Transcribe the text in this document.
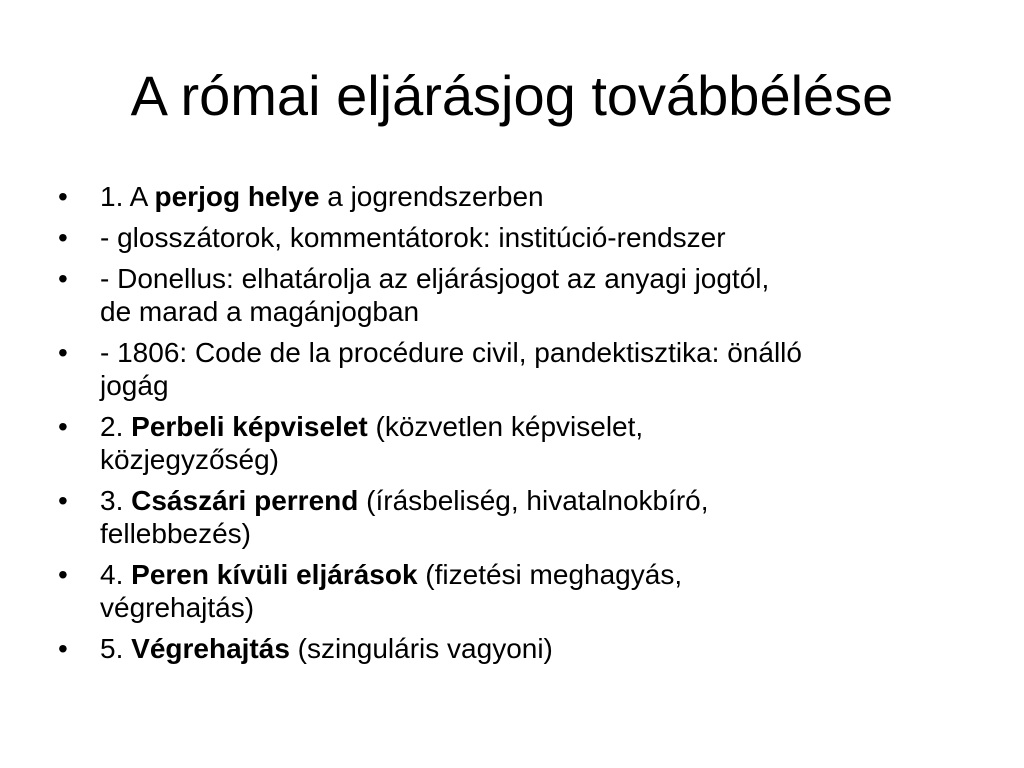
A római eljárásjog továbbélése
•	1. A perjog helye a jogrendszerben
•	- glosszátorok, kommentátorok: institúció-rendszer
•	- Donellus: elhatárolja az eljárásjogot az anyagi jogtól,
de marad a magánjogban
•	- 1806: Code de la procédure civil, pandektisztika: önálló
jogág
•	2. Perbeli képviselet (közvetlen képviselet,
közjegyzőség)
•	3. Császári perrend (írásbeliség, hivatalnokbíró,
fellebbezés)
•	4. Peren kívüli eljárások (fizetési meghagyás,
végrehajtás)
•	5. Végrehajtás (szinguláris vagyoni)
